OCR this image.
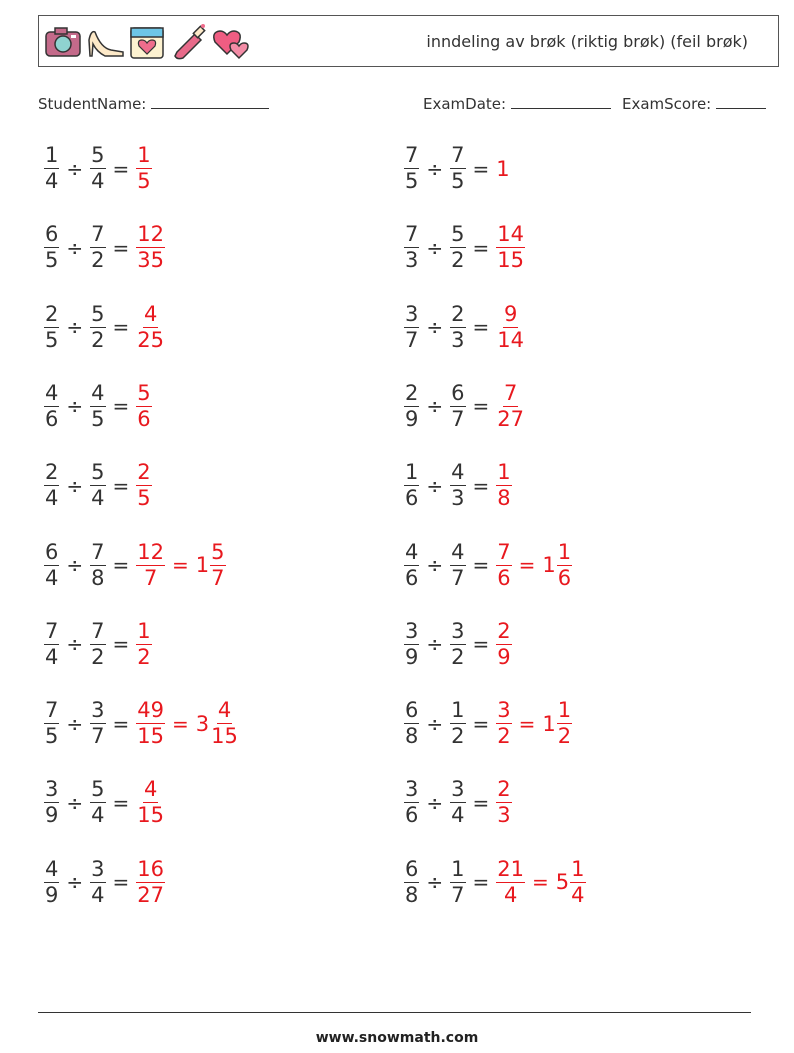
inndeling av brøk (riktig brøk) (feil brøk)
StudentName:	ExamDate:	ExamScore:
$\frac{1}{4} \div \frac{5}{4} = \frac{1}{5}$	$\frac{7}{5} \div \frac{7}{5} = 1$
$\frac{6}{5} \div \frac{7}{2} = \frac{12}{35}$	$\frac{7}{3} \div \frac{5}{2} = \frac{14}{15}$
$\frac{2}{5} \div \frac{5}{2} = \frac{4}{25}$	$\frac{3}{7} \div \frac{2}{3} = \frac{9}{14}$
$\frac{4}{6} \div \frac{4}{5} = \frac{5}{6}$	$\frac{2}{9} \div \frac{6}{7} = \frac{7}{27}$
$\frac{2}{4} \div \frac{5}{4} = \frac{2}{5}$	$\frac{1}{6} \div \frac{4}{3} = \frac{1}{8}$
$\frac{6}{4} \div \frac{7}{8} = \frac{12}{7} = 1 \frac{5}{7}$	$\frac{4}{6} \div \frac{4}{7} = \frac{7}{6} = 1 \frac{1}{6}$
$\frac{7}{4} \div \frac{7}{2} = \frac{1}{2}$	$\frac{3}{9} \div \frac{3}{2} = \frac{2}{9}$
$\frac{7}{5} \div \frac{3}{7} = \frac{49}{15} = 3 \frac{4}{15}$	$\frac{6}{8} \div \frac{1}{2} = \frac{3}{2} = 1 \frac{1}{2}$
$\frac{3}{9} \div \frac{5}{4} = \frac{4}{15}$	$\frac{3}{6} \div \frac{3}{4} = \frac{2}{3}$
$\frac{4}{9} \div \frac{3}{4} = \frac{16}{27}$	$\frac{6}{8} \div \frac{1}{7} = \frac{21}{4} = 5 \frac{1}{4}$
www.snowmath.com
